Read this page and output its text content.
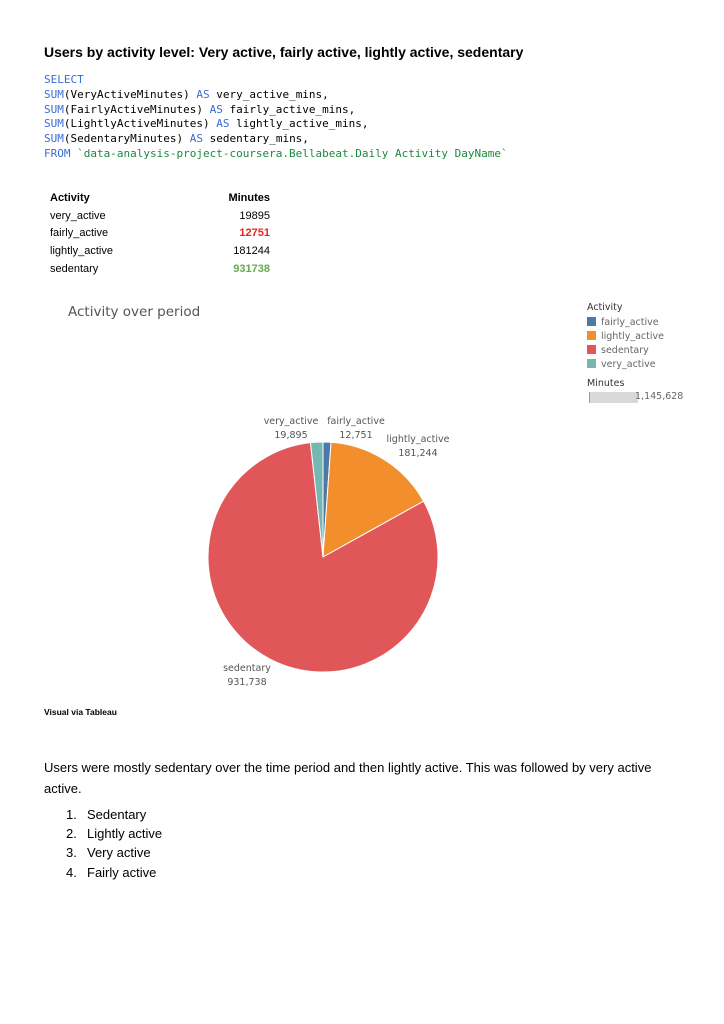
Users by activity level: Very active, fairly active, lightly active, sedentary
SELECT
SUM(VeryActiveMinutes) AS very_active_mins,
SUM(FairlyActiveMinutes) AS fairly_active_mins,
SUM(LightlyActiveMinutes) AS lightly_active_mins,
SUM(SedentaryMinutes) AS sedentary_mins,
FROM `data-analysis-project-coursera.Bellabeat.Daily Activity DayName`
Activity	Minutes
very_active	19895
fairly_active	12751
lightly_active	181244
sedentary	931738
Activity over period	Activity
fairly_active
lightly_active
sedentary
very_active
Minutes
1,145,628
very_active
19,895
fairly_active
12,751 lightly_active
181,244
sedentary
931,738
Visual via Tableau
Users were mostly sedentary over the time period and then lightly active. This was followed by very active active.
1. Sedentary
2. Lightly active
3. Very active
4. Fairly active
